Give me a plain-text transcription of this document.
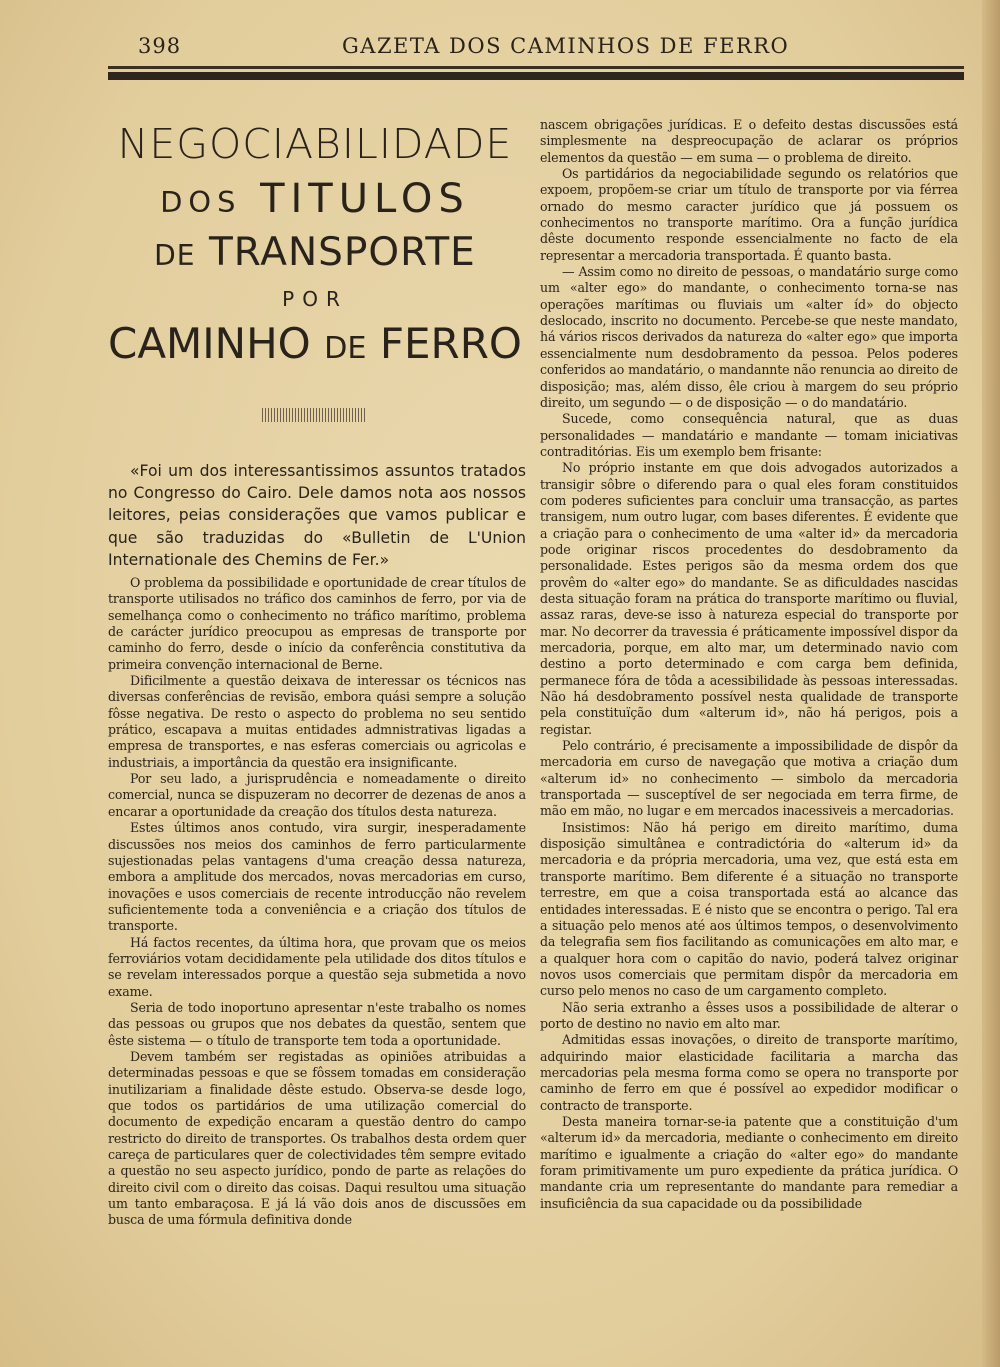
398	GAZETA DOS CAMINHOS DE FERRO
NEGOCIABILIDADE
DOS TITULOS
DE TRANSPORTE
POR
CAMINHO DE FERRO

«Foi um dos interessantissimos assuntos tratados no Congresso do Cairo. Dele damos nota aos nossos leitores, peias considerações que vamos publicar e que são traduzidas do «Bulletin de L'Union Internationale des Chemins de Fer.»

O problema da possibilidade e oportunidade de crear títulos de transporte utilisados no tráfico dos caminhos de ferro, por via de semelhança como o conhecimento no tráfico marítimo, problema de carácter jurídico preocupou as empresas de transporte por caminho do ferro, desde o início da conferência constitutiva da primeira convenção internacional de Berne.

Dificilmente a questão deixava de interessar os técnicos nas diversas conferências de revisão, embora quási sempre a solução fôsse negativa. De resto o aspecto do problema no seu sentido prático, escapava a muitas entidades admnistrativas ligadas a empresa de transportes, e nas esferas comerciais ou agricolas e industriais, a importância da questão era insignificante.

Por seu lado, a jurisprudência e nomeadamente o direito comercial, nunca se dispuzeram no decorrer de dezenas de anos a encarar a oportunidade da creação dos títulos desta natureza.

Estes últimos anos contudo, vira surgir, inesperadamente discussões nos meios dos caminhos de ferro particularmente sujestionadas pelas vantagens d'uma creação dessa natureza, embora a amplitude dos mercados, novas mercadorias em curso, inovações e usos comerciais de recente introducção não revelem suficientemente toda a conveniência e a criação dos títulos de transporte.

Há factos recentes, da última hora, que provam que os meios ferroviários votam decididamente pela utilidade dos ditos títulos e se revelam interessados porque a questão seja submetida a novo exame.

Seria de todo inoportuno apresentar n'este trabalho os nomes das pessoas ou grupos que nos debates da questão, sentem que êste sistema — o título de transporte tem toda a oportunidade.

Devem também ser registadas as opiniões atribuidas a determinadas pessoas e que se fôssem tomadas em consideração inutilizariam a finalidade dêste estudo. Observa-se desde logo, que todos os partidários de uma utilização comercial do documento de expedição encaram a questão dentro do campo restricto do direito de transportes. Os trabalhos desta ordem quer careça de particulares quer de colectividades têm sempre evitado a questão no seu aspecto jurídico, pondo de parte as relações do direito civil com o direito das coisas. Daqui resultou uma situação um tanto embaraçosa. E já lá vão dois anos de discussões em busca de uma fórmula definitiva donde

nascem obrigações jurídicas. E o defeito destas discussões está simplesmente na despreocupação de aclarar os próprios elementos da questão — em suma — o problema de direito.

Os partidários da negociabilidade segundo os relatórios que expoem, propõem-se criar um título de transporte por via férrea ornado do mesmo caracter jurídico que já possuem os conhecimentos no transporte marítimo. Ora a função jurídica dêste documento responde essencialmente no facto de ela representar a mercadoria transportada. É quanto basta.

— Assim como no direito de pessoas, o mandatário surge como um «alter ego» do mandante, o conhecimento torna-se nas operações marítimas ou fluviais um «alter íd» do objecto deslocado, inscrito no documento. Percebe-se que neste mandato, há vários riscos derivados da natureza do «alter ego» que importa essencialmente num desdobramento da pessoa. Pelos poderes conferidos ao mandatário, o mandannte não renuncia ao direito de disposição; mas, além disso, êle criou à margem do seu próprio direito, um segundo — o de disposição — o do mandatário.

Sucede, como consequência natural, que as duas personalidades — mandatário e mandante — tomam iniciativas contraditórias. Eis um exemplo bem frisante:

No próprio instante em que dois advogados autorizados a transigir sôbre o diferendo para o qual eles foram constituidos com poderes suficientes para concluir uma transacção, as partes transigem, num outro lugar, com bases diferentes. É evidente que a criação para o conhecimento de uma «alter id» da mercadoria pode originar riscos procedentes do desdobramento da personalidade. Estes perigos são da mesma ordem dos que provêm do «alter ego» do mandante. Se as dificuldades nascidas desta situação foram na prática do transporte marítimo ou fluvial, assaz raras, deve-se isso à natureza especial do transporte por mar. No decorrer da travessia é práticamente impossível dispor da mercadoria, porque, em alto mar, um determinado navio com destino a porto determinado e com carga bem definida, permanece fóra de tôda a acessibilidade às pessoas interessadas. Não há desdobramento possível nesta qualidade de transporte pela constituïção dum «alterum id», não há perigos, pois a registar.

Pelo contrário, é precisamente a impossibilidade de dispôr da mercadoria em curso de navegação que motiva a criação dum «alterum id» no conhecimento — simbolo da mercadoria transportada — susceptível de ser negociada em terra firme, de mão em mão, no lugar e em mercados inacessiveis a mercadorias.

Insistimos: Não há perigo em direito marítimo, duma disposição simultânea e contradictória do «alterum id» da mercadoria e da própria mercadoria, uma vez, que está esta em transporte marítimo. Bem diferente é a situação no transporte terrestre, em que a coisa transportada está ao alcance das entidades interessadas. E é nisto que se encontra o perigo. Tal era a situação pelo menos até aos últimos tempos, o desenvolvimento da telegrafia sem fios facilitando as comunicações em alto mar, e a qualquer hora com o capitão do navio, poderá talvez originar novos usos comerciais que permitam dispôr da mercadoria em curso pelo menos no caso de um cargamento completo.

Não seria extranho a êsses usos a possibilidade de alterar o porto de destino no navio em alto mar.

Admitidas essas inovações, o direito de transporte marítimo, adquirindo maior elasticidade facilitaria a marcha das mercadorias pela mesma forma como se opera no transporte por caminho de ferro em que é possível ao expedidor modificar o contracto de transporte.

Desta maneira tornar-se-ia patente que a constituição d'um «alterum id» da mercadoria, mediante o conhecimento em direito marítimo e igualmente a criação do «alter ego» do mandante foram primitivamente um puro expediente da prática jurídica. O mandante cria um representante do mandante para remediar a insuficiência da sua capacidade ou da possibilidade
